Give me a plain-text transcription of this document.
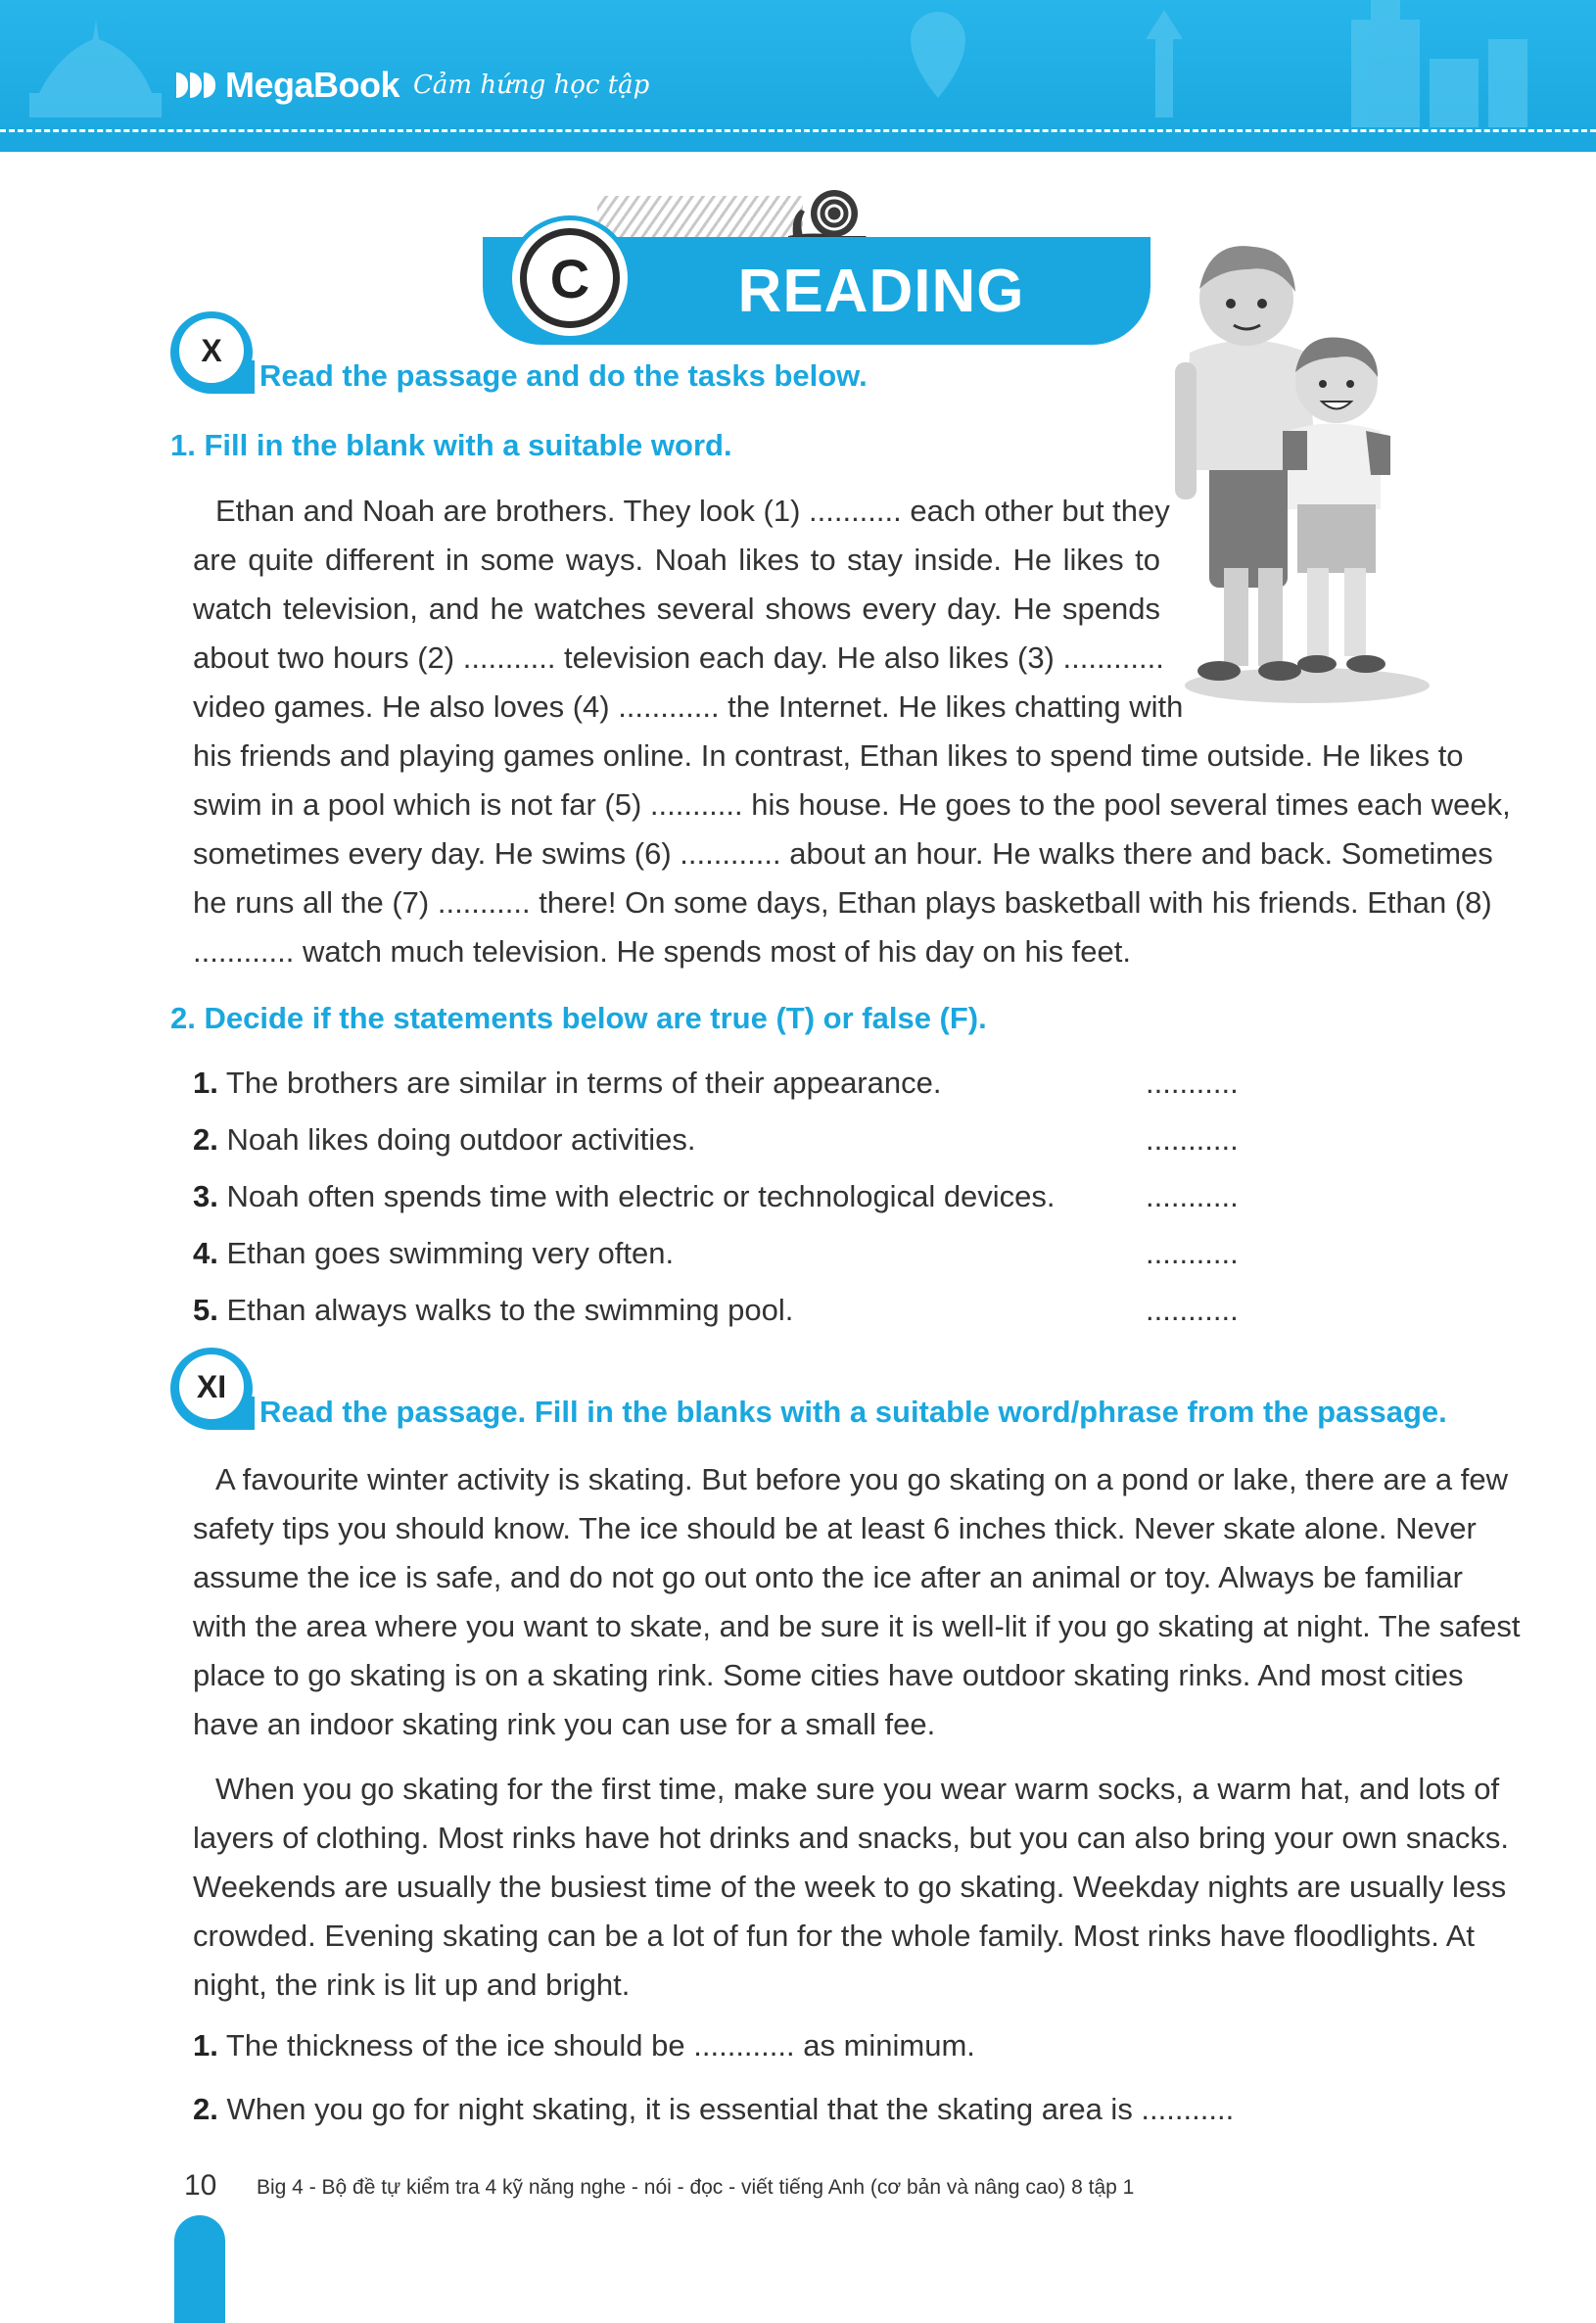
MegaBook Cảm hứng học tập
C	READING
X
Read the passage and do the tasks below.
1. Fill in the blank with a suitable word.
Ethan and Noah are brothers. They look (1) ........... each other but they
are quite different in some ways. Noah likes to stay inside. He likes to
watch television, and he watches several shows every day. He spends
about two hours (2) ........... television each day. He also likes (3) ............
video games. He also loves (4) ............ the Internet. He likes chatting with
his friends and playing games online. In contrast, Ethan likes to spend time outside. He likes to
swim in a pool which is not far (5) ........... his house. He goes to the pool several times each week,
sometimes every day. He swims (6) ............ about an hour. He walks there and back. Sometimes
he runs all the (7) ........... there! On some days, Ethan plays basketball with his friends. Ethan (8)
............ watch much television. He spends most of his day on his feet.
2. Decide if the statements below are true (T) or false (F).
1. The brothers are similar in terms of their appearance.	...........
2. Noah likes doing outdoor activities.	...........
3. Noah often spends time with electric or technological devices.	...........
4. Ethan goes swimming very often.	...........
5. Ethan always walks to the swimming pool.	...........
XI
Read the passage. Fill in the blanks with a suitable word/phrase from the passage.
A favourite winter activity is skating. But before you go skating on a pond or lake, there are a few
safety tips you should know. The ice should be at least 6 inches thick. Never skate alone. Never
assume the ice is safe, and do not go out onto the ice after an animal or toy. Always be familiar
with the area where you want to skate, and be sure it is well-lit if you go skating at night. The safest
place to go skating is on a skating rink. Some cities have outdoor skating rinks. And most cities
have an indoor skating rink you can use for a small fee.
When you go skating for the first time, make sure you wear warm socks, a warm hat, and lots of
layers of clothing. Most rinks have hot drinks and snacks, but you can also bring your own snacks.
Weekends are usually the busiest time of the week to go skating. Weekday nights are usually less
crowded. Evening skating can be a lot of fun for the whole family. Most rinks have floodlights. At
night, the rink is lit up and bright.
1. The thickness of the ice should be ............ as minimum.
2. When you go for night skating, it is essential that the skating area is ...........
10 Big 4 - Bộ đề tự kiểm tra 4 kỹ năng nghe - nói - đọc - viết tiếng Anh (cơ bản và nâng cao) 8 tập 1
